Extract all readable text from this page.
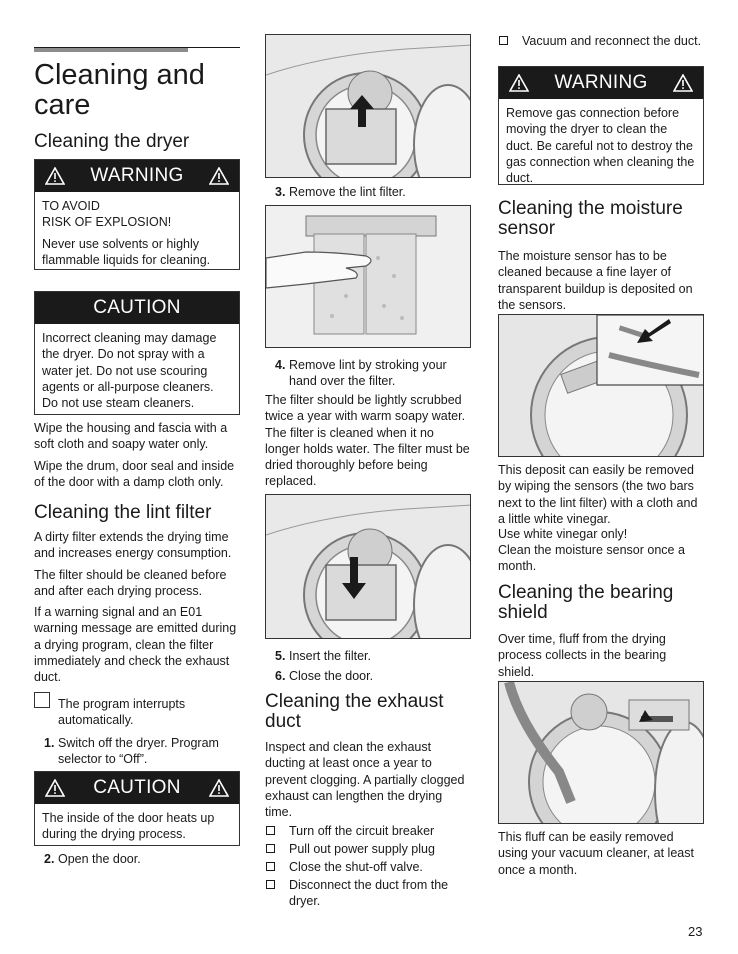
Cleaning and care
Cleaning the dryer
WARNING

TO AVOID
RISK OF EXPLOSION!

Never use solvents or highly flammable liquids for cleaning.

CAUTION

Incorrect cleaning may damage the dryer. Do not spray with a water jet. Do not use scouring agents or all-purpose cleaners. Do not use steam cleaners.

Wipe the housing and fascia with a soft cloth and soapy water only.

Wipe the drum, door seal and inside of the door with a damp cloth only.

Cleaning the lint filter

A dirty filter extends the drying time and increases energy consumption.

The filter should be cleaned before and after each drying process.

If a warning signal and an E01 warning message are emitted during a drying program, clean the filter immediately and check the exhaust duct.

The program interrupts automatically.

1. Switch off the dryer. Program selector to “Off”.
CAUTION

The inside of the door heats up during the drying process.

2. Open the door.
3. Remove the lint filter.
4. Remove lint by stroking your hand over the filter.

The filter should be lightly scrubbed twice a year with warm soapy water. The filter is cleaned when it no longer holds water. The filter must be dried thoroughly before being replaced.

5. Insert the filter.
6. Close the door.
Cleaning the exhaust duct

Inspect and clean the exhaust ducting at least once a year to prevent clogging. A partially clogged exhaust can lengthen the drying time.

Turn off the circuit breaker
Pull out power supply plug
Close the shut-off valve.
Disconnect the duct from the dryer.
Vacuum and reconnect the duct.
WARNING

Remove gas connection before moving the dryer to clean the duct. Be careful not to destroy the gas connection when cleaning the duct.

Cleaning the moisture sensor

The moisture sensor has to be cleaned because a fine layer of transparent buildup is deposited on the sensors.

This deposit can easily be removed by wiping the sensors (the two bars next to the lint filter) with a cloth and a little white vinegar.

Use white vinegar only!

Clean the moisture sensor once a month.

Cleaning the bearing shield

Over time, fluff from the drying process collects in the bearing shield.

This fluff can be easily removed using your vacuum cleaner, at least once a month.

23
